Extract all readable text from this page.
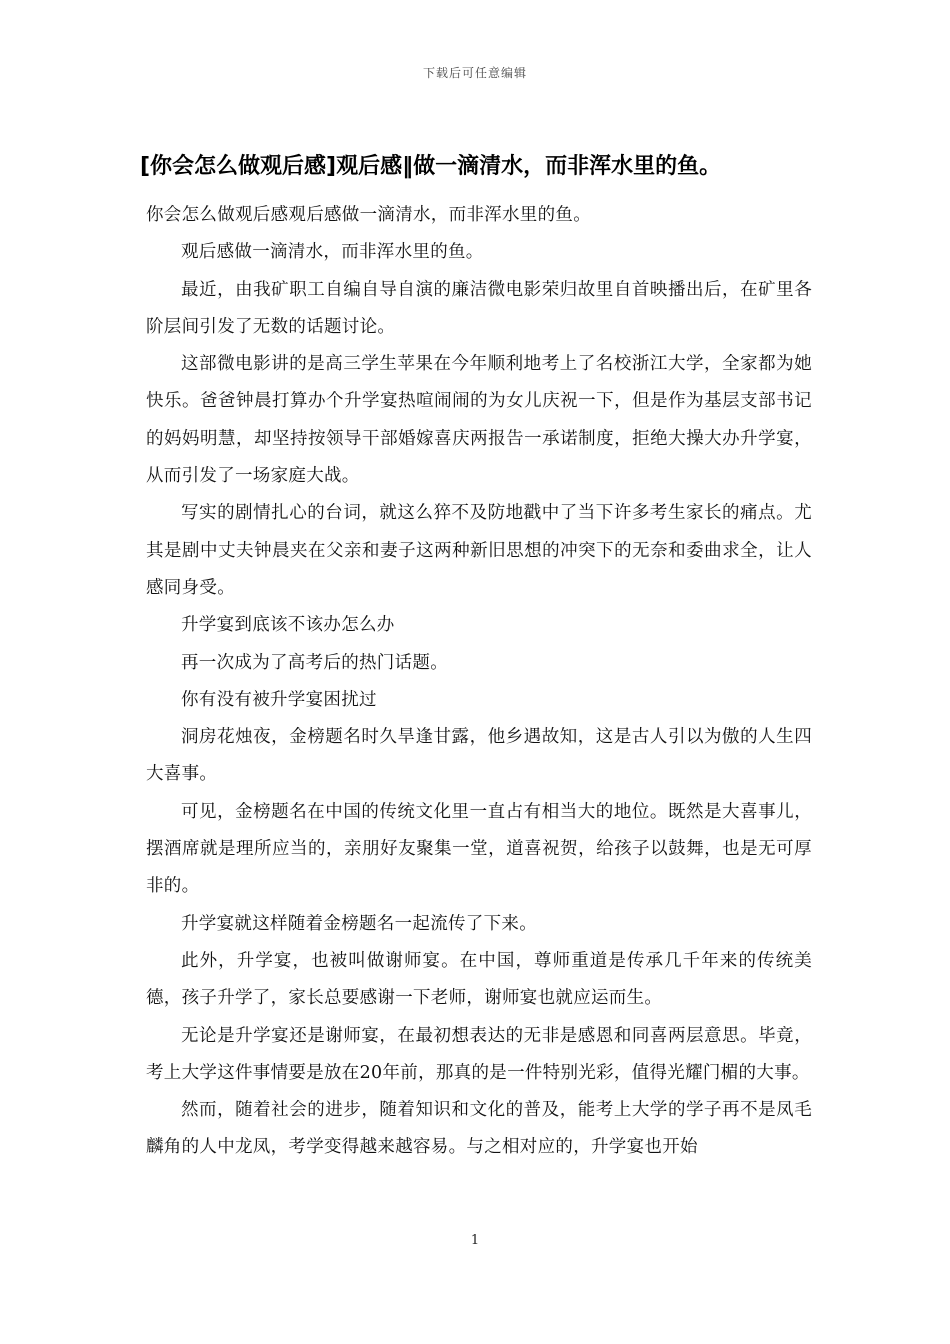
下载后可任意编辑
[你会怎么做观后感]观后感‖做一滴清水，而非浑水里的鱼。

你会怎么做观后感观后感做一滴清水，而非浑水里的鱼。

观后感做一滴清水，而非浑水里的鱼。

最近，由我矿职工自编自导自演的廉洁微电影荣归故里自首映播出后，在矿里各阶层间引发了无数的话题讨论。

这部微电影讲的是高三学生苹果在今年顺利地考上了名校浙江大学，全家都为她快乐。爸爸钟晨打算办个升学宴热喧闹闹的为女儿庆祝一下，但是作为基层支部书记的妈妈明慧，却坚持按领导干部婚嫁喜庆两报告一承诺制度，拒绝大操大办升学宴，从而引发了一场家庭大战。

写实的剧情扎心的台词，就这么猝不及防地戳中了当下许多考生家长的痛点。尤其是剧中丈夫钟晨夹在父亲和妻子这两种新旧思想的冲突下的无奈和委曲求全，让人感同身受。

升学宴到底该不该办怎么办

再一次成为了高考后的热门话题。

你有没有被升学宴困扰过

洞房花烛夜，金榜题名时久旱逢甘露，他乡遇故知，这是古人引以为傲的人生四大喜事。

可见，金榜题名在中国的传统文化里一直占有相当大的地位。既然是大喜事儿，摆酒席就是理所应当的，亲朋好友聚集一堂，道喜祝贺，给孩子以鼓舞，也是无可厚非的。

升学宴就这样随着金榜题名一起流传了下来。

此外，升学宴，也被叫做谢师宴。在中国，尊师重道是传承几千年来的传统美德，孩子升学了，家长总要感谢一下老师，谢师宴也就应运而生。

无论是升学宴还是谢师宴，在最初想表达的无非是感恩和同喜两层意思。毕竟，考上大学这件事情要是放在20年前，那真的是一件特别光彩，值得光耀门楣的大事。

然而，随着社会的进步，随着知识和文化的普及，能考上大学的学子再不是凤毛麟角的人中龙凤，考学变得越来越容易。与之相对应的，升学宴也开始

1
